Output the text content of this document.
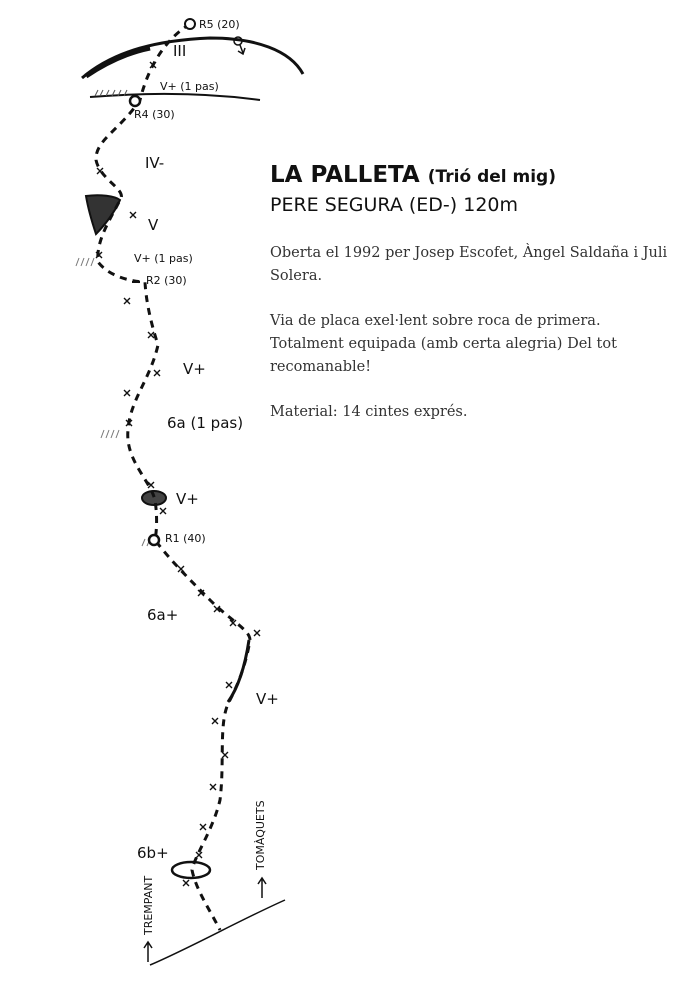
R5 (20)
R4 (30)
R2 (30)
R1 (40)
III
V+ (1 pas)
IV-
V
V+ (1 pas)
V+
6a (1 pas)
V+
6a+
V+
6b+
TREMPANT
TOMÀQUETS

LA PALLETA (Trió del mig)

PERE SEGURA (ED-) 120m

Oberta el 1992 per Josep Escofet, Àngel Saldaña i Juli Solera.

Via de placa exel·lent sobre roca de primera. Totalment equipada (amb certa alegria) Del tot recomanable!

Material: 14 cintes exprés.
